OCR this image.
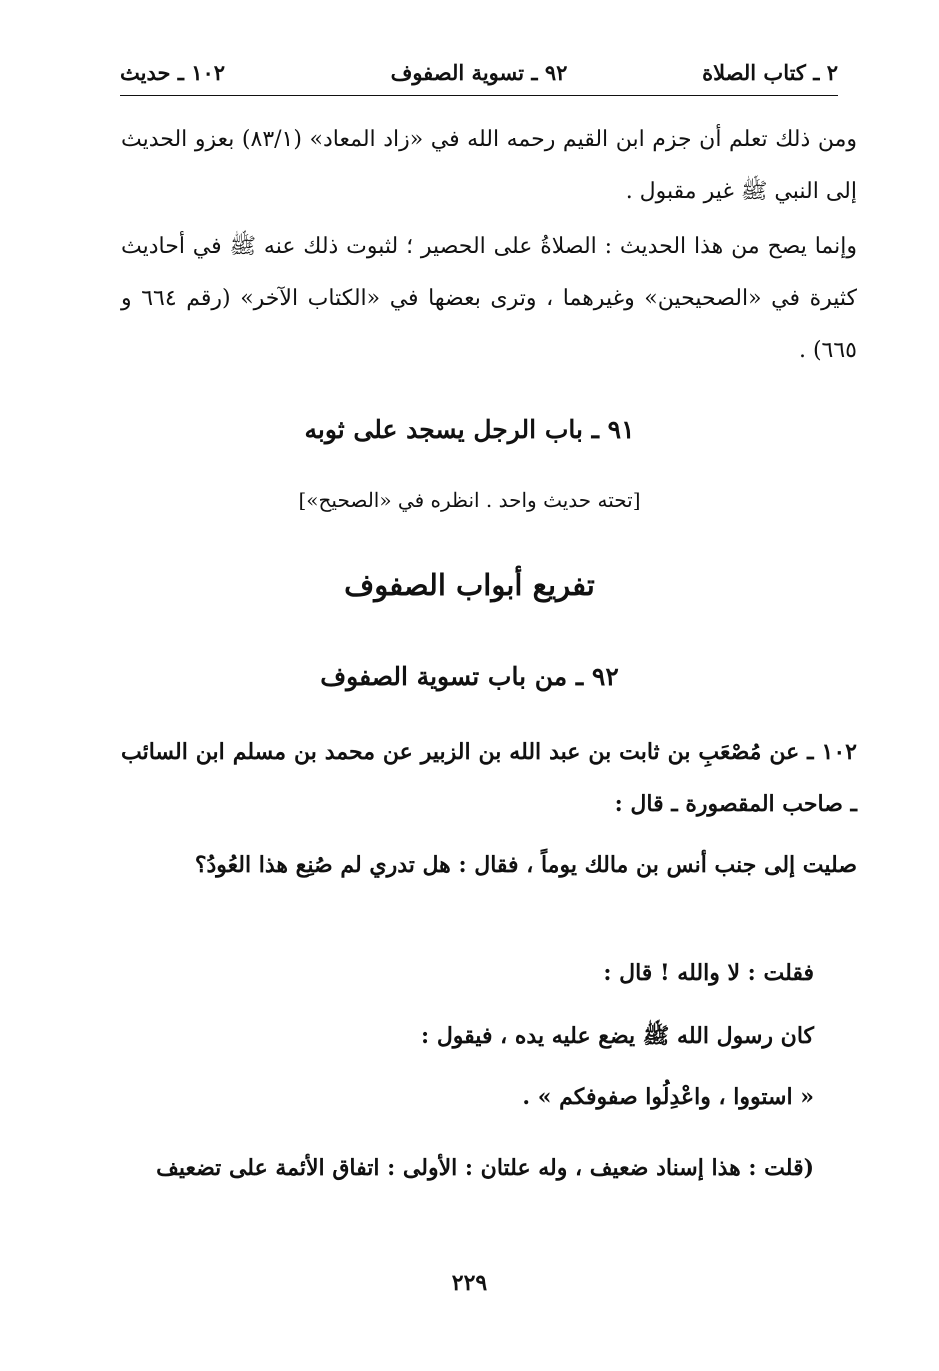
٢ ـ كتاب الصلاة
٩٢ ـ تسوية الصفوف
١٠٢ ـ حديث
ومن ذلك تعلم أن جزم ابن القيم رحمه الله في «زاد المعاد» (٨٣/١) بعزو الحديث إلى النبي ﷺ غير مقبول .
وإنما يصح من هذا الحديث : الصلاةُ على الحصير ؛ لثبوت ذلك عنه ﷺ في أحاديث كثيرة في «الصحيحين» وغيرهما ، وترى بعضها في «الكتاب الآخر» (رقم ٦٦٤ و ٦٦٥) .
٩١ ـ باب الرجل يسجد على ثوبه
[تحته حديث واحد . انظره في «الصحيح»]
تفريع أبواب الصفوف
٩٢ ـ من باب تسوية الصفوف
١٠٢ ـ عن مُصْعَبِ بن ثابت بن عبد الله بن الزبير عن محمد بن مسلم ابن السائب ـ صاحب المقصورة ـ قال :
صليت إلى جنب أنس بن مالك يوماً ، فقال : هل تدري لم صُنِع هذا العُودُ؟
فقلت : لا والله ! قال :
كان رسول الله ﷺ يضع عليه يده ، فيقول :
« استووا ، واعْدِلُوا صفوفكم » .
(قلت : هذا إسناد ضعيف ، وله علتان : الأولى : اتفاق الأئمة على تضعيف
٢٢٩
